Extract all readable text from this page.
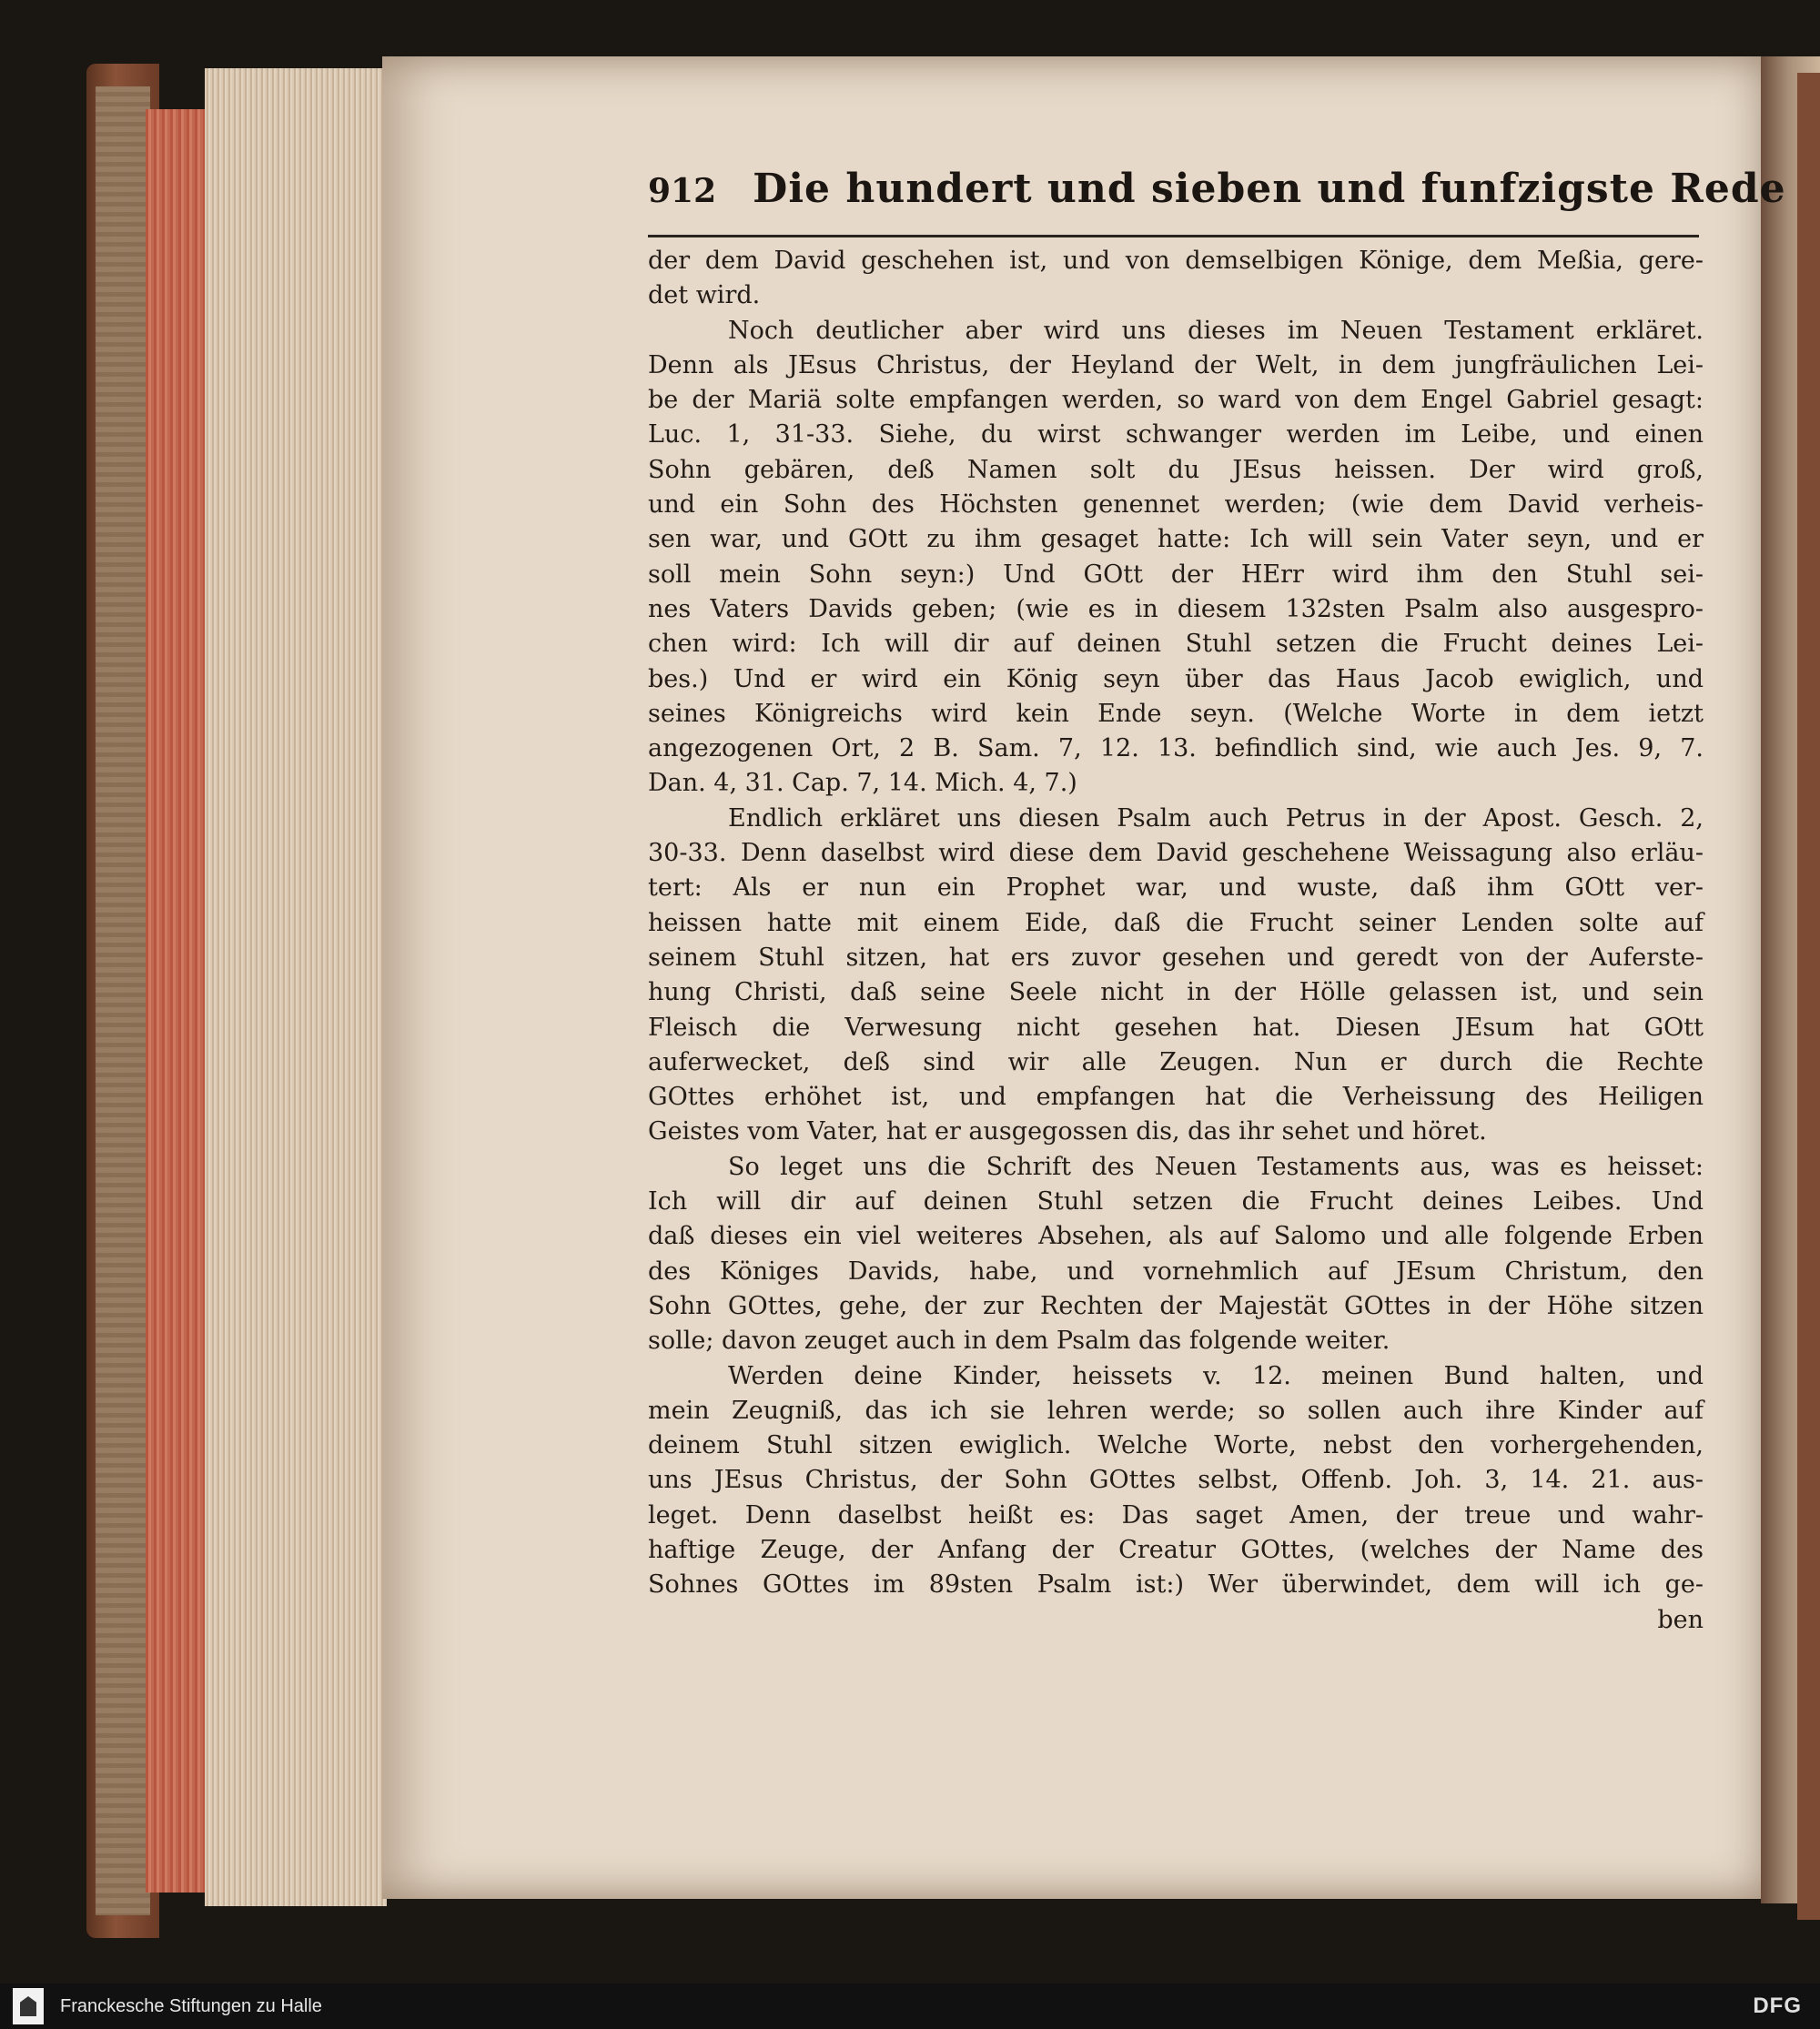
912 Die hundert und sieben und funfzigste Rede
der dem David geschehen ist, und von demselbigen Könige, dem Meßia, gere-
det wird.
Noch deutlicher aber wird uns dieses im Neuen Testament erkläret.
Denn als JEsus Christus, der Heyland der Welt, in dem jungfräulichen Lei-
be der Mariä solte empfangen werden, so ward von dem Engel Gabriel gesagt:
Luc. 1, 31-33. Siehe, du wirst schwanger werden im Leibe, und einen
Sohn gebären, deß Namen solt du JEsus heissen. Der wird groß,
und ein Sohn des Höchsten genennet werden; (wie dem David verheis-
sen war, und GOtt zu ihm gesaget hatte: Ich will sein Vater seyn, und er
soll mein Sohn seyn:) Und GOtt der HErr wird ihm den Stuhl sei-
nes Vaters Davids geben; (wie es in diesem 132sten Psalm also ausgespro-
chen wird: Ich will dir auf deinen Stuhl setzen die Frucht deines Lei-
bes.) Und er wird ein König seyn über das Haus Jacob ewiglich, und
seines Königreichs wird kein Ende seyn. (Welche Worte in dem ietzt
angezogenen Ort, 2 B. Sam. 7, 12. 13. befindlich sind, wie auch Jes. 9, 7.
Dan. 4, 31. Cap. 7, 14. Mich. 4, 7.)
Endlich erkläret uns diesen Psalm auch Petrus in der Apost. Gesch. 2,
30-33. Denn daselbst wird diese dem David geschehene Weissagung also erläu-
tert: Als er nun ein Prophet war, und wuste, daß ihm GOtt ver-
heissen hatte mit einem Eide, daß die Frucht seiner Lenden solte auf
seinem Stuhl sitzen, hat ers zuvor gesehen und geredt von der Auferste-
hung Christi, daß seine Seele nicht in der Hölle gelassen ist, und sein
Fleisch die Verwesung nicht gesehen hat. Diesen JEsum hat GOtt
auferwecket, deß sind wir alle Zeugen. Nun er durch die Rechte
GOttes erhöhet ist, und empfangen hat die Verheissung des Heiligen
Geistes vom Vater, hat er ausgegossen dis, das ihr sehet und höret.
So leget uns die Schrift des Neuen Testaments aus, was es heisset:
Ich will dir auf deinen Stuhl setzen die Frucht deines Leibes. Und
daß dieses ein viel weiteres Absehen, als auf Salomo und alle folgende Erben
des Königes Davids, habe, und vornehmlich auf JEsum Christum, den
Sohn GOttes, gehe, der zur Rechten der Majestät GOttes in der Höhe sitzen
solle; davon zeuget auch in dem Psalm das folgende weiter.
Werden deine Kinder, heissets v. 12. meinen Bund halten, und
mein Zeugniß, das ich sie lehren werde; so sollen auch ihre Kinder auf
deinem Stuhl sitzen ewiglich. Welche Worte, nebst den vorhergehenden,
uns JEsus Christus, der Sohn GOttes selbst, Offenb. Joh. 3, 14. 21. aus-
leget. Denn daselbst heißt es: Das saget Amen, der treue und wahr-
haftige Zeuge, der Anfang der Creatur GOttes, (welches der Name des
Sohnes GOttes im 89sten Psalm ist:) Wer überwindet, dem will ich ge-
ben
Franckesche Stiftungen zu Halle	DFG
